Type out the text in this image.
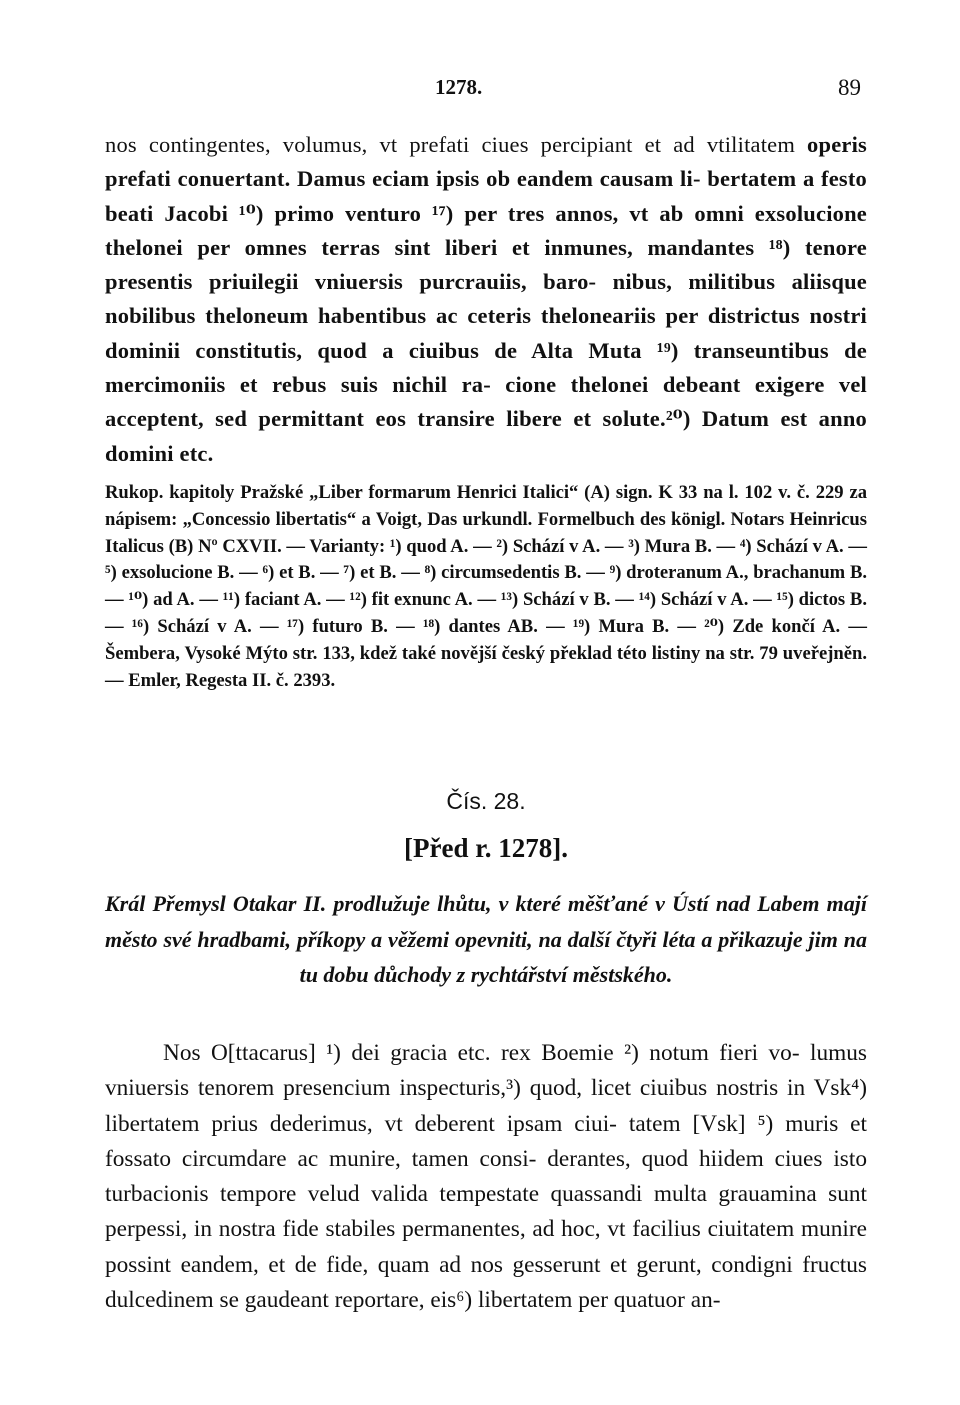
1278.	89
nos contingentes, volumus, vt prefati ciues percipiant et ad vtilitatem operis prefati conuertant. Damus eciam ipsis ob eandem causam li- bertatem a festo beati Jacobi ¹⁰) primo venturo ¹⁷) per tres annos, vt ab omni exsolucione thelonei per omnes terras sint liberi et inmunes, mandantes ¹⁸) tenore presentis priuilegii vniuersis purcrauiis, baro- nibus, militibus aliisque nobilibus theloneum habentibus ac ceteris theloneariis per districtus nostri dominii constitutis, quod a ciuibus de Alta Muta ¹⁹) transeuntibus de mercimoniis et rebus suis nichil ra- cione thelonei debeant exigere vel acceptent, sed permittant eos transire libere et solute.²⁰) Datum est anno domini etc.
Rukop. kapitoly Pražské „Liber formarum Henrici Italici“ (A) sign. K 33 na l. 102 v. č. 229 za nápisem: „Concessio libertatis“ a Voigt, Das urkundl. Formelbuch des königl. Notars Heinricus Italicus (B) Nº CXVII. — Varianty: ¹) quod A. — ²) Schází v A. — ³) Mura B. — ⁴) Schází v A. — ⁵) exsolucione B. — ⁶) et B. — ⁷) et B. — ⁸) circumsedentis B. — ⁹) droteranum A., brachanum B. — ¹⁰) ad A. — ¹¹) faciant A. — ¹²) fit exnunc A. — ¹³) Schází v B. — ¹⁴) Schází v A. — ¹⁵) dictos B. — ¹⁶) Schází v A. — ¹⁷) futuro B. — ¹⁸) dantes AB. — ¹⁹) Mura B. — ²⁰) Zde končí A. — Šembera, Vysoké Mýto str. 133, kdež také novější český překlad této listiny na str. 79 uveřejněn. — Emler, Regesta II. č. 2393.
Čís. 28.
[Před r. 1278].
Král Přemysl Otakar II. prodlužuje lhůtu, v které měšťané v Ústí nad Labem mají město své hradbami, příkopy a věžemi opevniti, na další čtyři léta a přikazuje jim na tu dobu důchody z rychtářství městského.

Nos O[ttacarus] ¹) dei gracia etc. rex Boemie ²) notum fieri vo- lumus vniuersis tenorem presencium inspecturis,³) quod, licet ciuibus nostris in Vsk⁴) libertatem prius dederimus, vt deberent ipsam ciui- tatem [Vsk] ⁵) muris et fossato circumdare ac munire, tamen consi- derantes, quod hiidem ciues isto turbacionis tempore velud valida tempestate quassandi multa grauamina sunt perpessi, in nostra fide stabiles permanentes, ad hoc, vt facilius ciuitatem munire possint eandem, et de fide, quam ad nos gesserunt et gerunt, condigni fructus dulcedinem se gaudeant reportare, eis⁶) libertatem per quatuor an-
